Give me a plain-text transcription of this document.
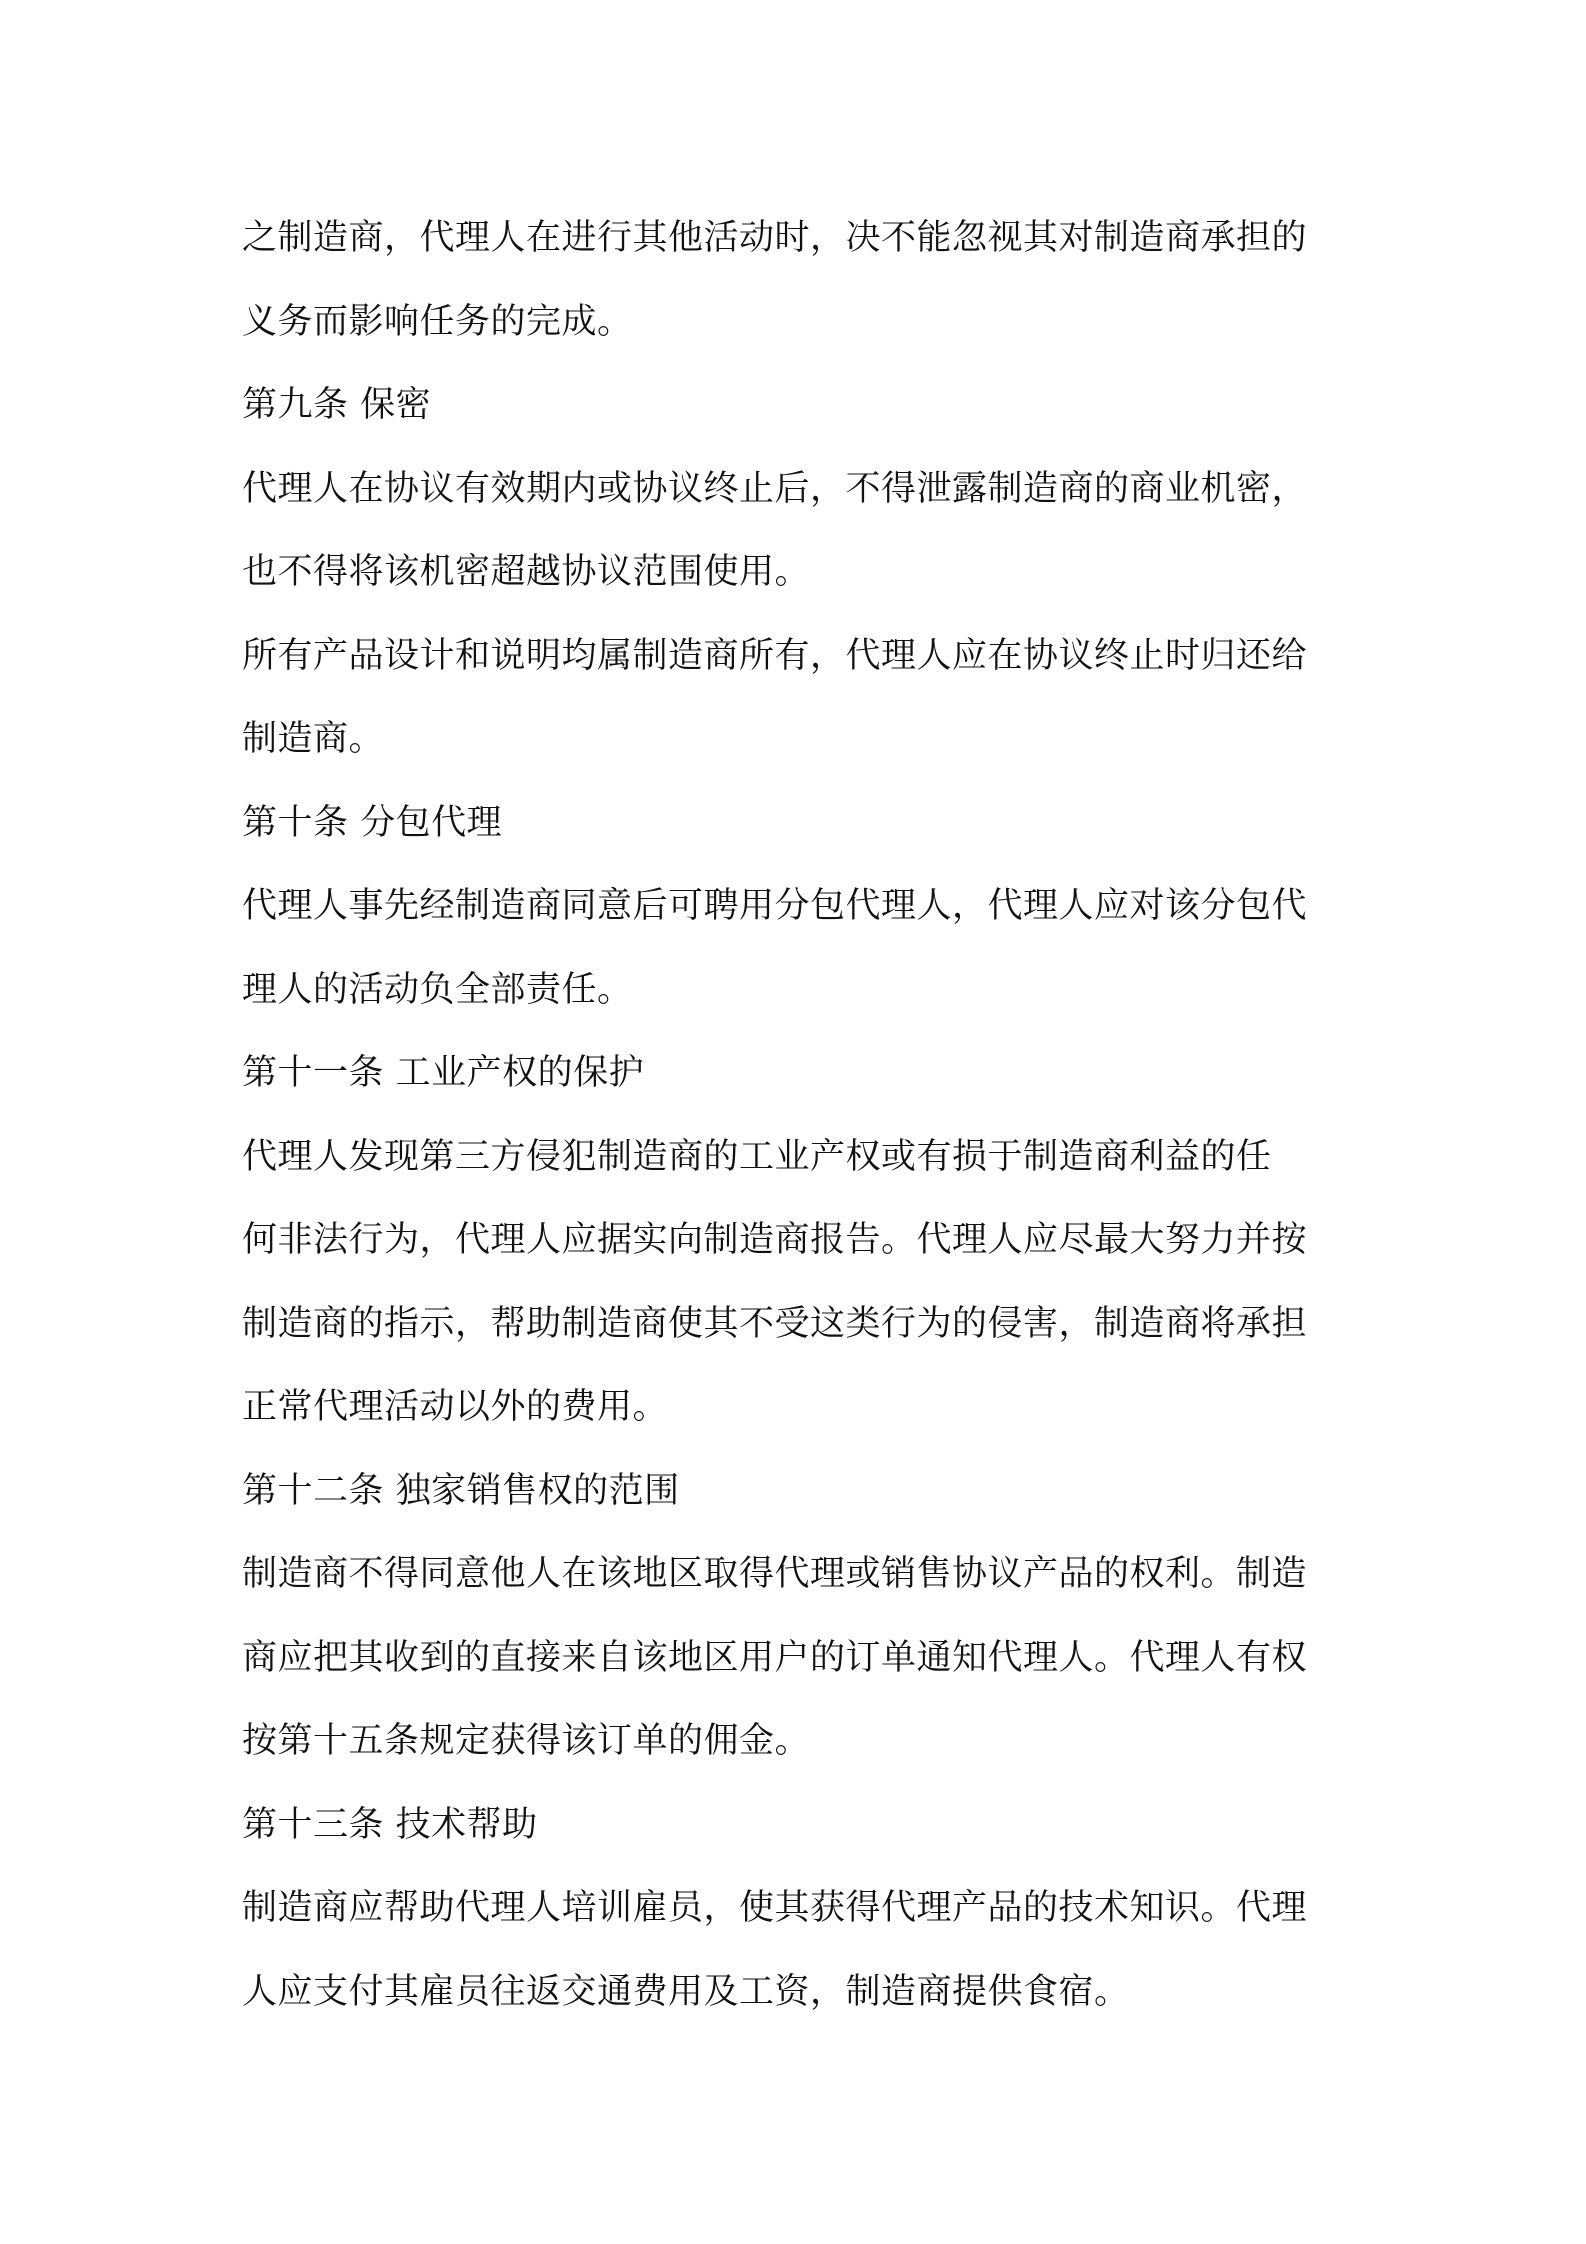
之制造商，代理人在进行其他活动时，决不能忽视其对制造商承担的
义务而影响任务的完成。
第九条 保密
代理人在协议有效期内或协议终止后，不得泄露制造商的商业机密，
也不得将该机密超越协议范围使用。
所有产品设计和说明均属制造商所有，代理人应在协议终止时归还给
制造商。
第十条 分包代理
代理人事先经制造商同意后可聘用分包代理人，代理人应对该分包代
理人的活动负全部责任。
第十一条 工业产权的保护
代理人发现第三方侵犯制造商的工业产权或有损于制造商利益的任
何非法行为，代理人应据实向制造商报告。代理人应尽最大努力并按
制造商的指示，帮助制造商使其不受这类行为的侵害，制造商将承担
正常代理活动以外的费用。
第十二条 独家销售权的范围
制造商不得同意他人在该地区取得代理或销售协议产品的权利。制造
商应把其收到的直接来自该地区用户的订单通知代理人。代理人有权
按第十五条规定获得该订单的佣金。
第十三条 技术帮助
制造商应帮助代理人培训雇员，使其获得代理产品的技术知识。代理
人应支付其雇员往返交通费用及工资，制造商提供食宿。
